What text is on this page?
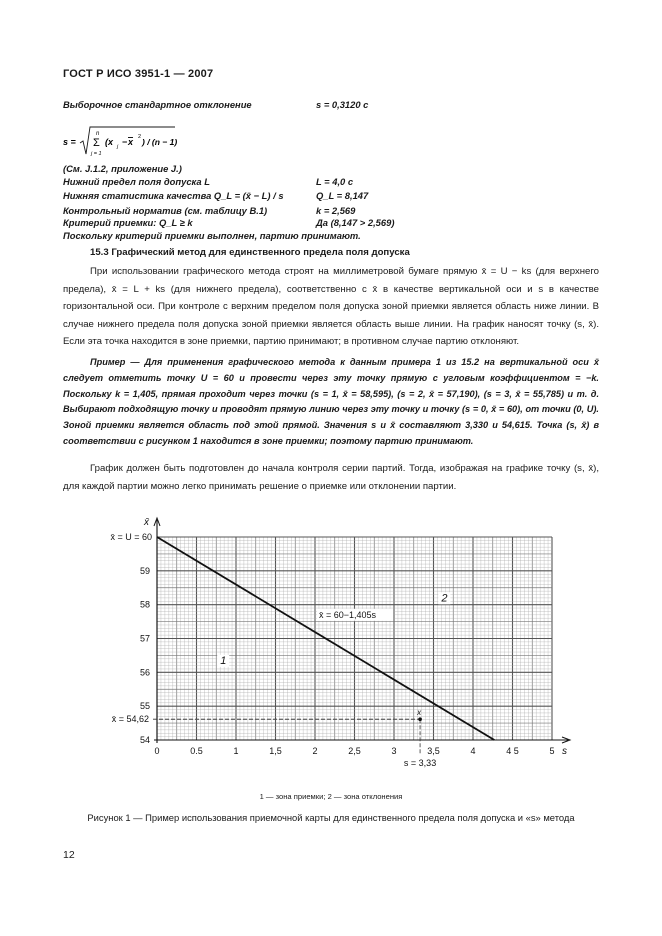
ГОСТ Р ИСО 3951-1 — 2007
Выборочное стандартное отклонение	s = 0,3120 c
s =
n
Σ
j = 1
(x j − x 2 ) / (n − 1)
(См. J.1.2, приложение J.)
Нижний предел поля допуска L	L = 4,0 c
Нижняя статистика качества Q_L = (x̄ − L) / s	Q_L = 8,147
Контрольный норматив (см. таблицу В.1)	k = 2,569
Критерий приемки: Q_L ≥ k	Да (8,147 > 2,569)
Поскольку критерий приемки выполнен, партию принимают.
15.3 Графический метод для единственного предела поля допуска
При использовании графического метода строят на миллиметровой бумаге прямую x̄ = U − ks (для верхнего предела), x̄ = L + ks (для нижнего предела), соответственно с x̄ в качестве вертикальной оси и s в качестве горизонтальной оси. При контроле с верхним пределом поля допуска зоной приемки является область ниже линии. В случае нижнего предела поля допуска зоной приемки является область выше линии. На график наносят точку (s, x̄). Если эта точка находится в зоне приемки, партию принимают; в противном случае партию отклоняют.
Пример — Для применения графического метода к данным примера 1 из 15.2 на вертикальной оси x̄ следует отметить точку U = 60 и провести через эту точку прямую с угловым коэффициентом = −k. Поскольку k = 1,405, прямая проходит через точки (s = 1, x̄ = 58,595), (s = 2, x̄ = 57,190), (s = 3, x̄ = 55,785) и т. д. Выбирают подходящую точку и проводят прямую линию через эту точку и точку (s = 0, x̄ = 60), от точки (0, U). Зоной приемки является область под этой прямой. Значения s и x̄ составляют 3,330 и 54,615. Точка (s, x̄) в соответствии с рисунком 1 находится в зоне приемки; поэтому партию принимают.
График должен быть подготовлен до начала контроля серии партий. Тогда, изображая на графике точку (s, x̄), для каждой партии можно легко принимать решение о приемке или отклонении партии.
0	0.5	1	1,5	2	2,5	3	3,5	4	4 5	5
54
55
56
57
58
59
x̄ = U = 60
x̄ = 54,62
s = 3,33
x̄
s
x̄ = 60−1,405s
1
2
x
1 — зона приемки; 2 — зона отклонения
Рисунок 1 — Пример использования приемочной карты для единственного предела поля допуска и «s» метода
12
